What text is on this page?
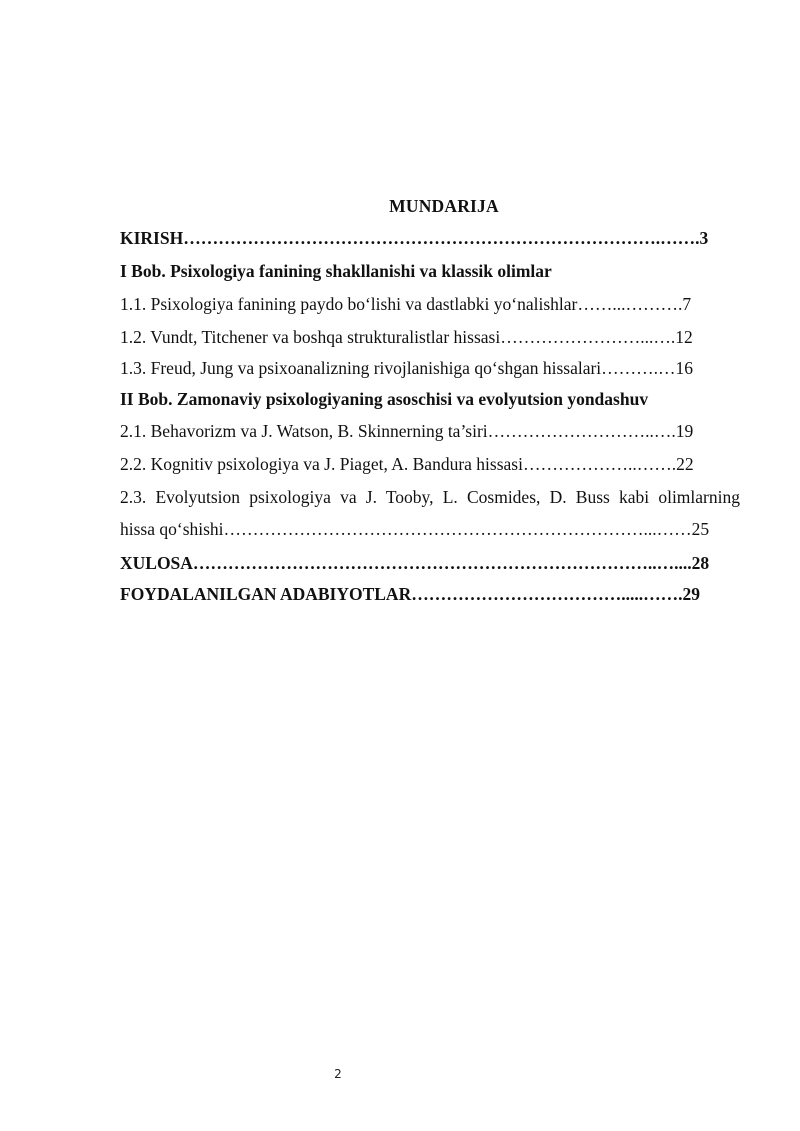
MUNDARIJA
KIRISH……………………………………………………………………….…….3
I Bob. Psixologiya fanining shakllanishi va klassik olimlar
1.1. Psixologiya fanining paydo bo‘lishi va dastlabki yo‘nalishlar……...……….7
1.2. Vundt, Titchener va boshqa strukturalistlar hissasi……………………...….12
1.3. Freud, Jung va psixoanalizning rivojlanishiga qo‘shgan hissalari……….…16
II Bob. Zamonaviy psixologiyaning asoschisi va evolyutsion yondashuv
2.1. Behavorizm va J. Watson, B. Skinnerning ta’siri………………………..….19
2.2. Kognitiv psixologiya va J. Piaget, A. Bandura hissasi………………..…….22
2.3. Evolyutsion psixologiya va J. Tooby, L. Cosmides, D. Buss kabi olimlarning
hissa qo‘shishi………………………………………………………………...……25
XULOSA……………………………………………………………………..…....28
FOYDALANILGAN ADABIYOTLAR……………………………….....…….29
2
